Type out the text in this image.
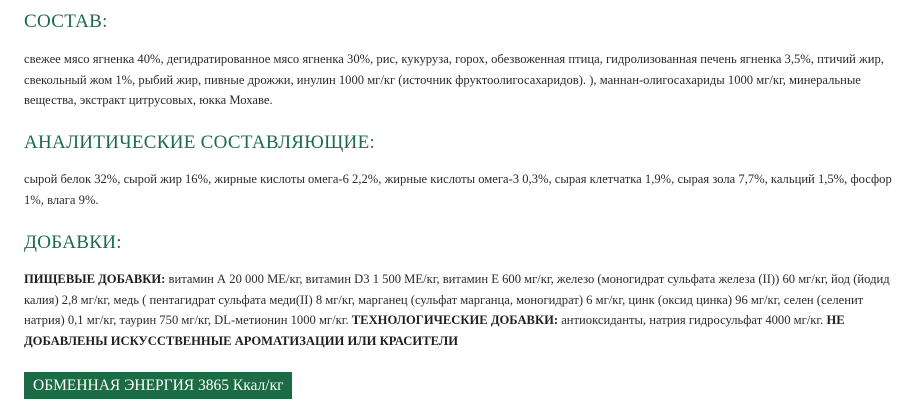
СОСТАВ:

свежее мясо ягненка 40%, дегидратированное мясо ягненка 30%, рис, кукуруза, горох, обезвоженная птица, гидролизованная печень ягненка 3,5%, птичий жир, свекольный жом 1%, рыбий жир, пивные дрожжи, инулин 1000 мг/кг (источник фруктоолигосахаридов). ), маннан-олигосахариды 1000 мг/кг, минеральные вещества, экстракт цитрусовых, юкка Мохаве.

АНАЛИТИЧЕСКИЕ СОСТАВЛЯЮЩИЕ:

сырой белок 32%, сырой жир 16%, жирные кислоты омега-6 2,2%, жирные кислоты омега-3 0,3%, сырая клетчатка 1,9%, сырая зола 7,7%, кальций 1,5%, фосфор 1%, влага 9%.

ДОБАВКИ:

ПИЩЕВЫЕ ДОБАВКИ: витамин А 20 000 МЕ/кг, витамин D3 1 500 МЕ/кг, витамин Е 600 мг/кг, железо (моногидрат сульфата железа (II)) 60 мг/кг, йод (йодид калия) 2,8 мг/кг, медь ( пентагидрат сульфата меди(II) 8 мг/кг, марганец (сульфат марганца, моногидрат) 6 мг/кг, цинк (оксид цинка) 96 мг/кг, селен (селенит натрия) 0,1 мг/кг, таурин 750 мг/кг, DL-метионин 1000 мг/кг. ТЕХНОЛОГИЧЕСКИЕ ДОБАВКИ: антиоксиданты, натрия гидросульфат 4000 мг/кг. НЕ ДОБАВЛЕНЫ ИСКУССТВЕННЫЕ АРОМАТИЗАЦИИ ИЛИ КРАСИТЕЛИ

ОБМЕННАЯ ЭНЕРГИЯ 3865 Ккал/кг
